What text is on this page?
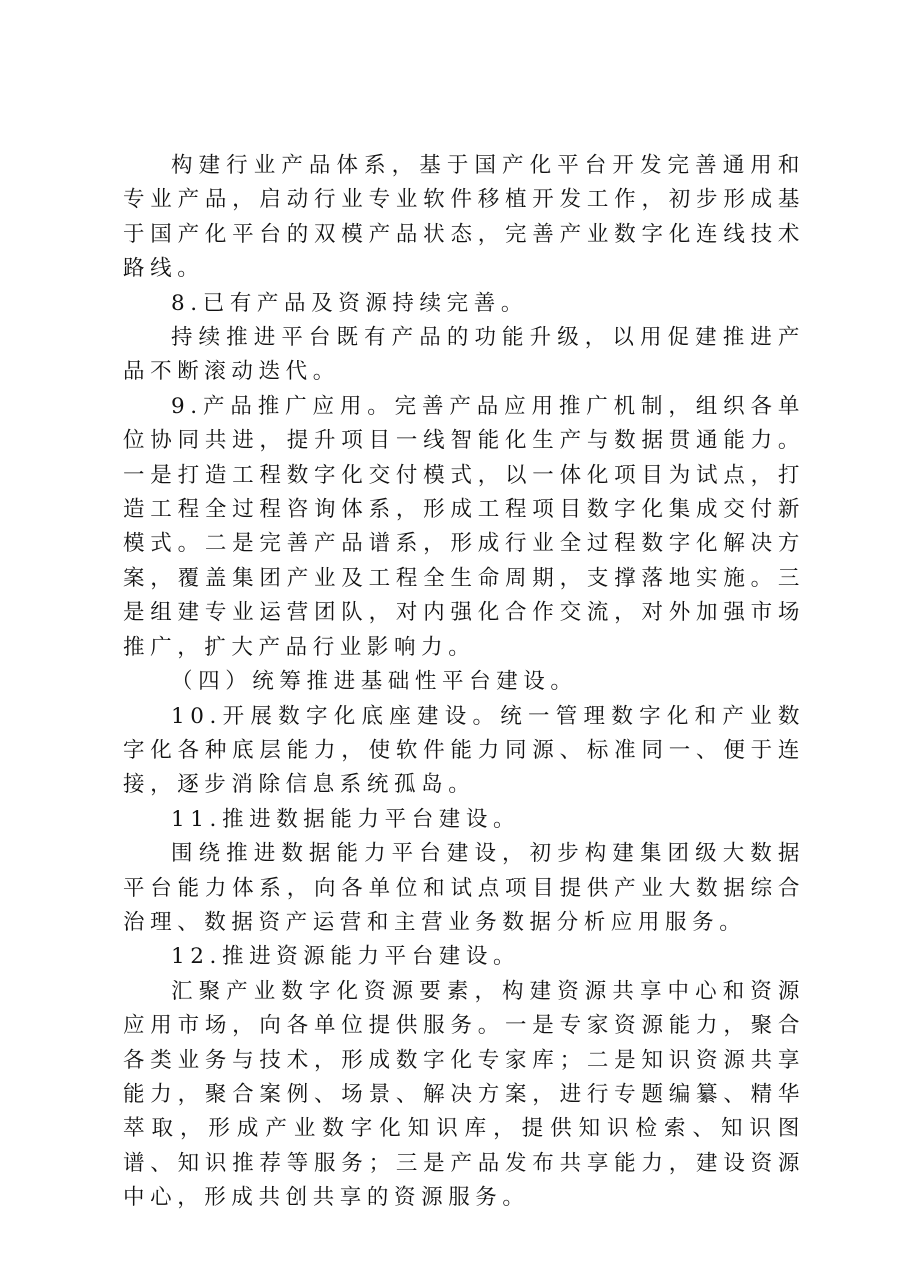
构建行业产品体系，基于国产化平台开发完善通用和专业产品，启动行业专业软件移植开发工作，初步形成基于国产化平台的双模产品状态，完善产业数字化连线技术路线。

8.已有产品及资源持续完善。

持续推进平台既有产品的功能升级，以用促建推进产品不断滚动迭代。

9.产品推广应用。完善产品应用推广机制，组织各单位协同共进，提升项目一线智能化生产与数据贯通能力。一是打造工程数字化交付模式，以一体化项目为试点，打造工程全过程咨询体系，形成工程项目数字化集成交付新模式。二是完善产品谱系，形成行业全过程数字化解决方案，覆盖集团产业及工程全生命周期，支撑落地实施。三是组建专业运营团队，对内强化合作交流，对外加强市场推广，扩大产品行业影响力。

（四）统筹推进基础性平台建设。

10.开展数字化底座建设。统一管理数字化和产业数字化各种底层能力，使软件能力同源、标准同一、便于连接，逐步消除信息系统孤岛。

11.推进数据能力平台建设。

围绕推进数据能力平台建设，初步构建集团级大数据平台能力体系，向各单位和试点项目提供产业大数据综合治理、数据资产运营和主营业务数据分析应用服务。

12.推进资源能力平台建设。

汇聚产业数字化资源要素，构建资源共享中心和资源应用市场，向各单位提供服务。一是专家资源能力，聚合各类业务与技术，形成数字化专家库；二是知识资源共享能力，聚合案例、场景、解决方案，进行专题编纂、精华萃取，形成产业数字化知识库，提供知识检索、知识图谱、知识推荐等服务；三是产品发布共享能力，建设资源中心，形成共创共享的资源服务。
